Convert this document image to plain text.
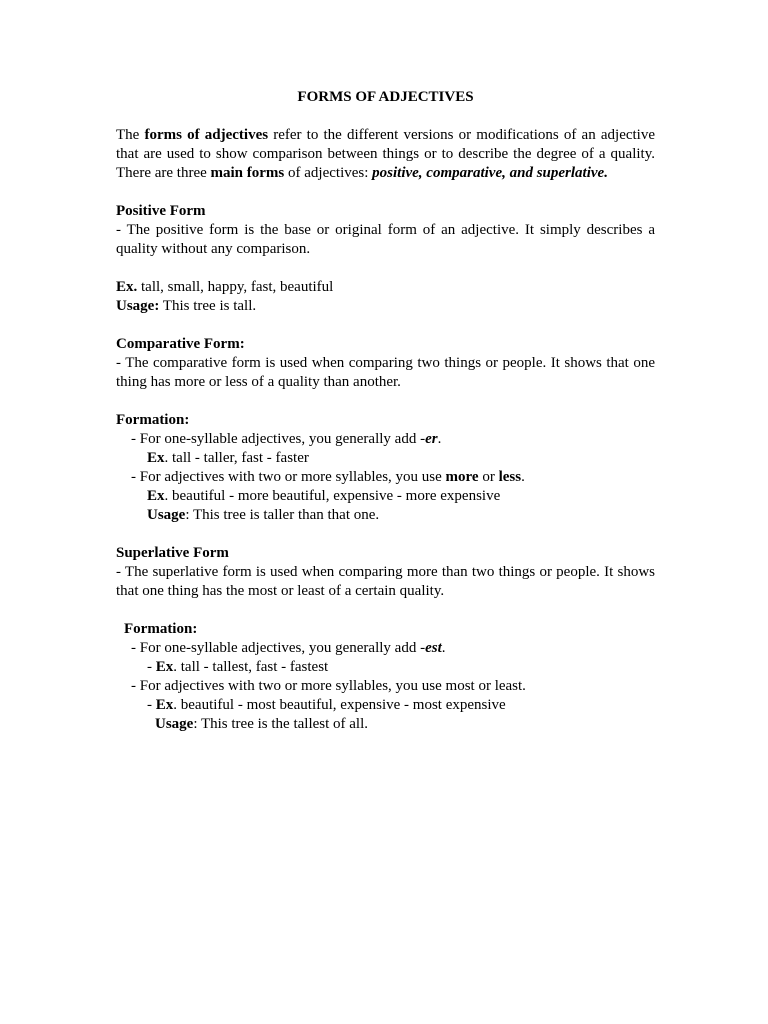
FORMS OF ADJECTIVES

The forms of adjectives refer to the different versions or modifications of an adjective that are used to show comparison between things or to describe the degree of a quality. There are three main forms of adjectives: positive, comparative, and superlative.

Positive Form

- The positive form is the base or original form of an adjective. It simply describes a quality without any comparison.

Ex. tall, small, happy, fast, beautiful

Usage: This tree is tall.

Comparative Form:

- The comparative form is used when comparing two things or people. It shows that one thing has more or less of a quality than another.

Formation:

- For one-syllable adjectives, you generally add -er.

Ex. tall - taller, fast - faster

- For adjectives with two or more syllables, you use more or less.

Ex. beautiful - more beautiful, expensive - more expensive

Usage: This tree is taller than that one.

Superlative Form

- The superlative form is used when comparing more than two things or people. It shows that one thing has the most or least of a certain quality.

Formation:

- For one-syllable adjectives, you generally add -est.

- Ex. tall - tallest, fast - fastest

- For adjectives with two or more syllables, you use most or least.

- Ex. beautiful - most beautiful, expensive - most expensive

Usage: This tree is the tallest of all.
